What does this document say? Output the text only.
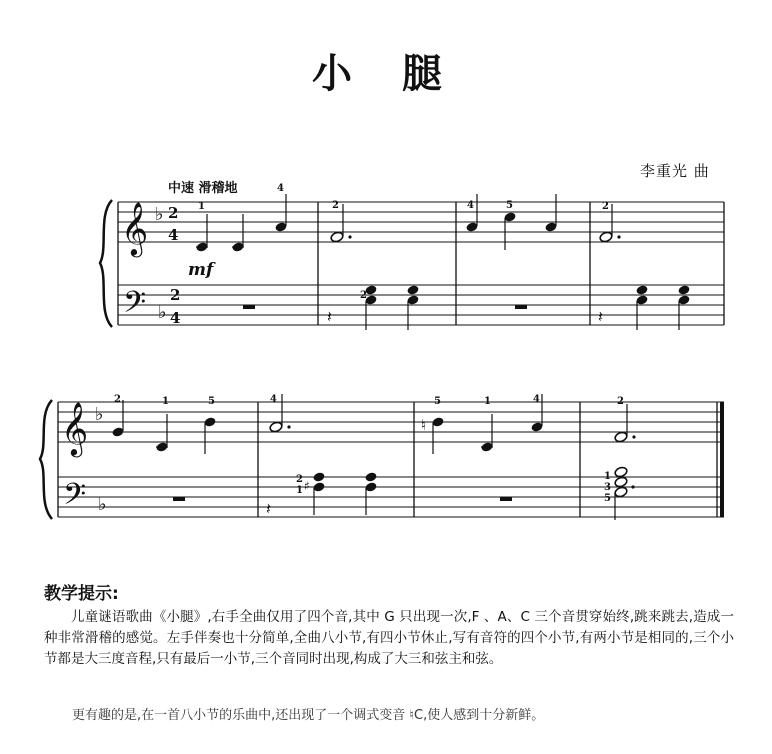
小 腿
李重光 曲
中速 滑稽地
𝄞
𝄢
𝄞
𝄢
♭
♭
♭
♭
2
4
2
4
1
4
2	4	5	2
2
mf
𝄽	𝄽
♮
2	1	5	4	5	1	4	2
2
1
1
3
5
𝄽
♯
教学提示:

儿童谜语歌曲《小腿》,右手全曲仅用了四个音,其中 G 只出现一次,F 、A、C 三个音贯穿始终,跳来跳去,造成一种非常滑稽的感觉。左手伴奏也十分简单,全曲八小节,有四小节休止,写有音符的四个小节,有两小节是相同的,三个小节都是大三度音程,只有最后一小节,三个音同时出现,构成了大三和弦主和弦。

更有趣的是,在一首八小节的乐曲中,还出现了一个调式变音 ♮C,使人感到十分新鲜。
